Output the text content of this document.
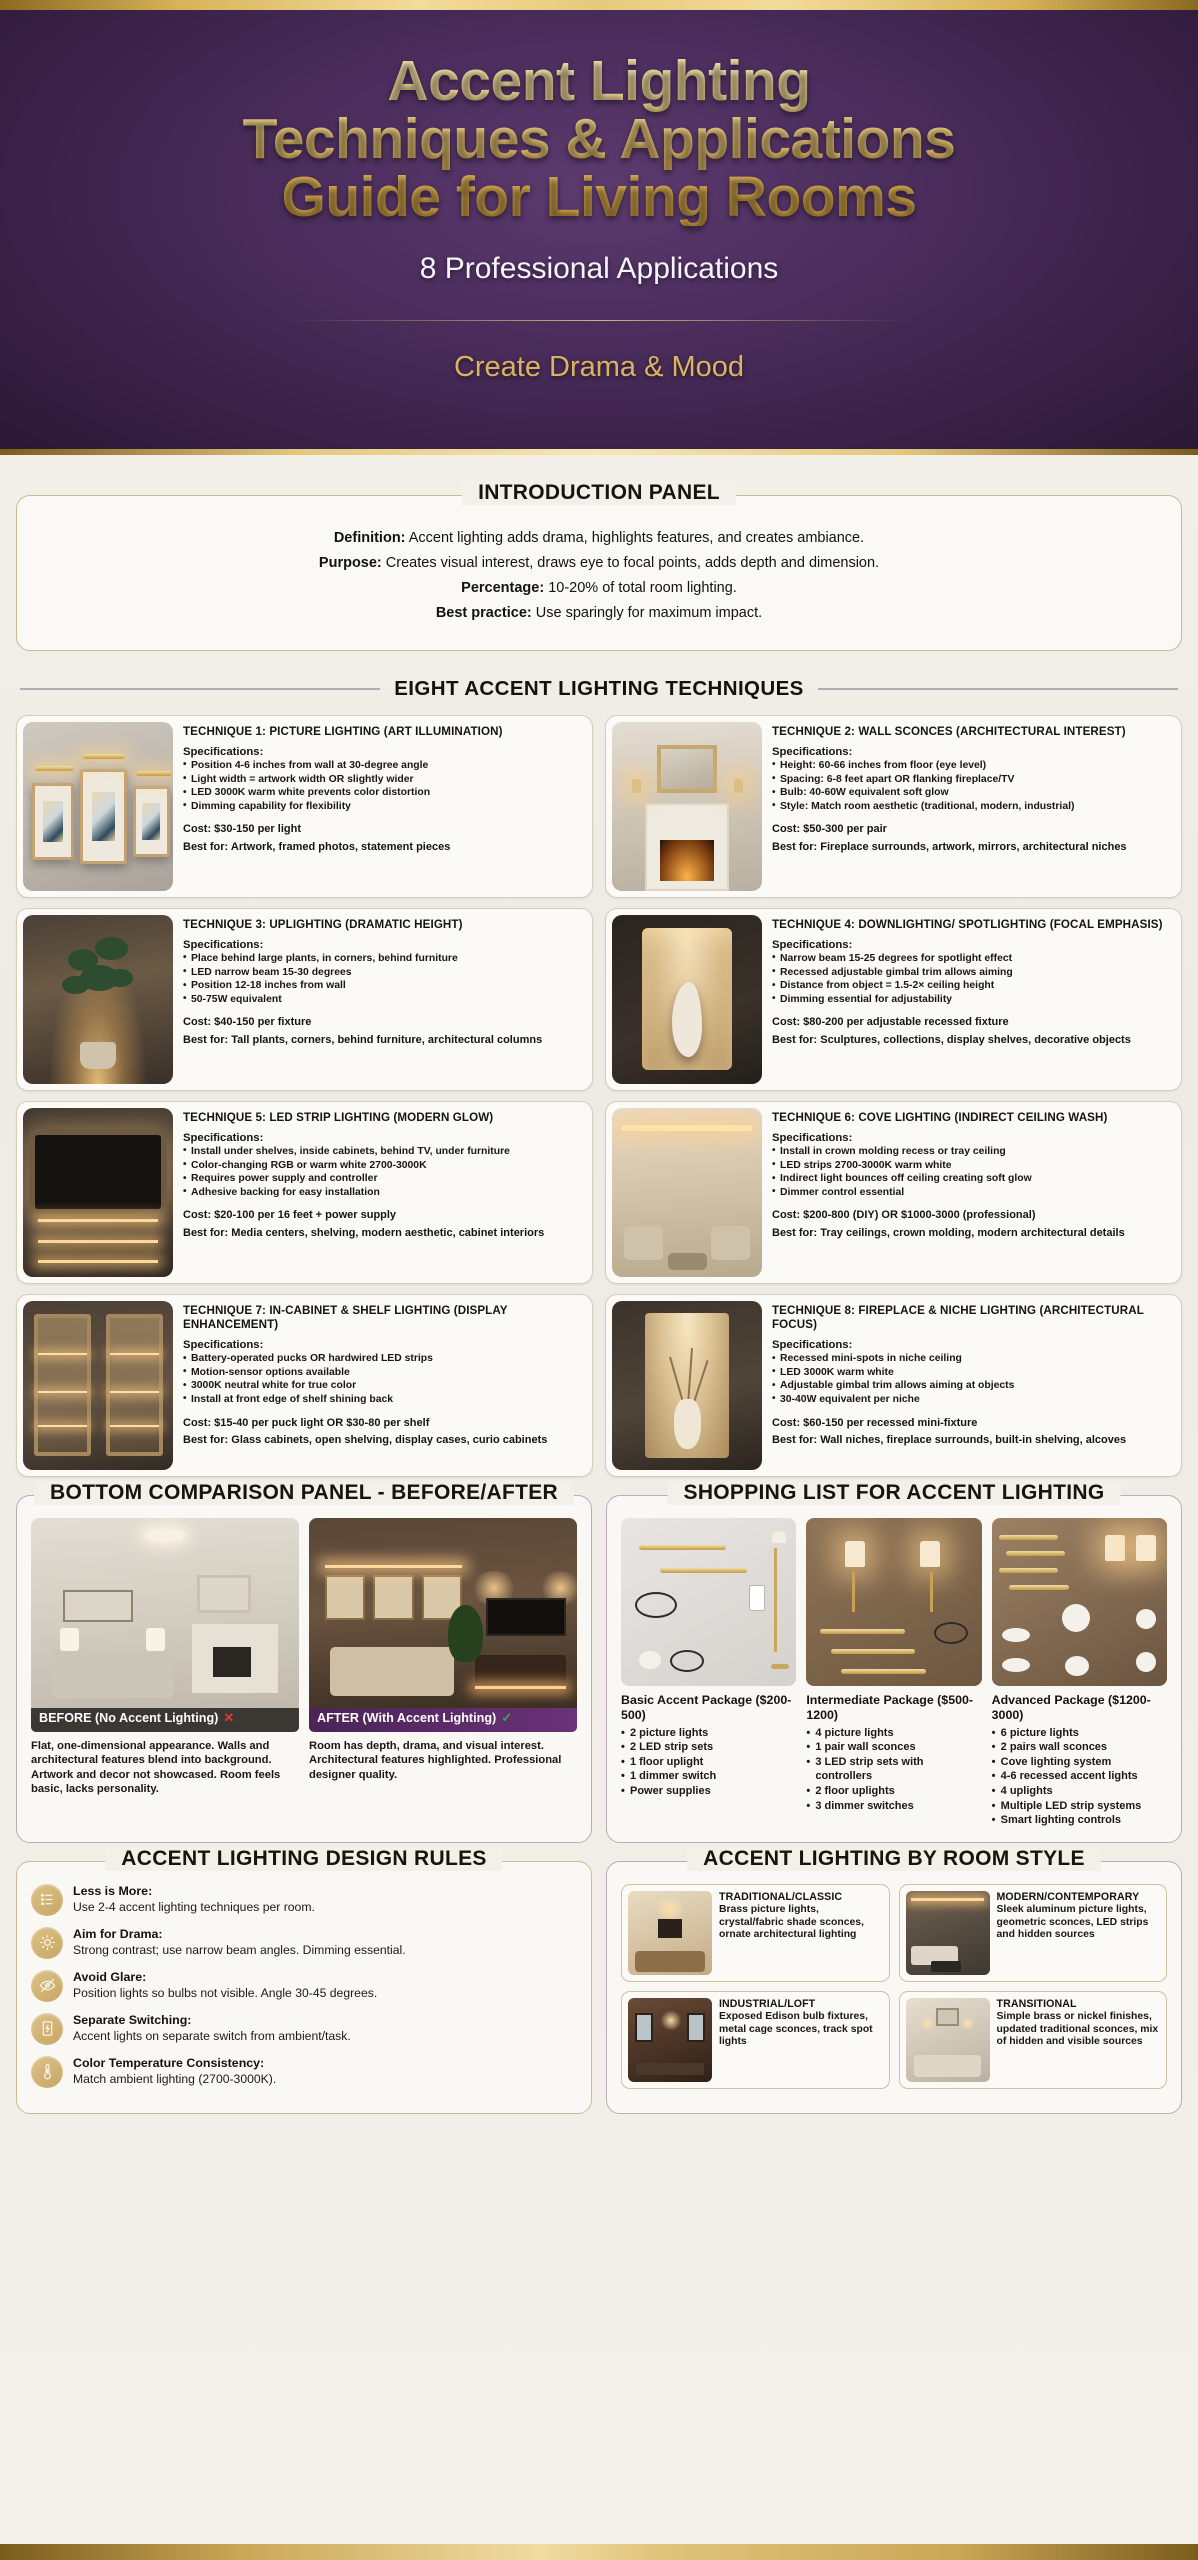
Accent Lighting
Techniques & Applications
Guide for Living Rooms
8 Professional Applications
Create Drama & Mood
INTRODUCTION PANEL
Definition: Accent lighting adds drama, highlights features, and creates ambiance.
Purpose: Creates visual interest, draws eye to focal points, adds depth and dimension.
Percentage: 10-20% of total room lighting.
Best practice: Use sparingly for maximum impact.
EIGHT ACCENT LIGHTING TECHNIQUES
TECHNIQUE 1: PICTURE LIGHTING (ART ILLUMINATION)
Specifications:
• Position 4-6 inches from wall at 30-degree angle
• Light width = artwork width OR slightly wider
• LED 3000K warm white prevents color distortion
• Dimming capability for flexibility
Cost: $30-150 per light
Best for: Artwork, framed photos, statement pieces
TECHNIQUE 2: WALL SCONCES (ARCHITECTURAL INTEREST)
Specifications:
• Height: 60-66 inches from floor (eye level)
• Spacing: 6-8 feet apart OR flanking fireplace/TV
• Bulb: 40-60W equivalent soft glow
• Style: Match room aesthetic (traditional, modern, industrial)
Cost: $50-300 per pair
Best for: Fireplace surrounds, artwork, mirrors, architectural niches
TECHNIQUE 3: UPLIGHTING (DRAMATIC HEIGHT)
Specifications:
• Place behind large plants, in corners, behind furniture
• LED narrow beam 15-30 degrees
• Position 12-18 inches from wall
• 50-75W equivalent
Cost: $40-150 per fixture
Best for: Tall plants, corners, behind furniture, architectural columns
TECHNIQUE 4: DOWNLIGHTING/ SPOTLIGHTING (FOCAL EMPHASIS)
Specifications:
• Narrow beam 15-25 degrees for spotlight effect
• Recessed adjustable gimbal trim allows aiming
• Distance from object = 1.5-2× ceiling height
• Dimming essential for adjustability
Cost: $80-200 per adjustable recessed fixture
Best for: Sculptures, collections, display shelves, decorative objects
TECHNIQUE 5: LED STRIP LIGHTING (MODERN GLOW)
Specifications:
• Install under shelves, inside cabinets, behind TV, under furniture
• Color-changing RGB or warm white 2700-3000K
• Requires power supply and controller
• Adhesive backing for easy installation
Cost: $20-100 per 16 feet + power supply
Best for: Media centers, shelving, modern aesthetic, cabinet interiors
TECHNIQUE 6: COVE LIGHTING (INDIRECT CEILING WASH)
Specifications:
• Install in crown molding recess or tray ceiling
• LED strips 2700-3000K warm white
• Indirect light bounces off ceiling creating soft glow
• Dimmer control essential
Cost: $200-800 (DIY) OR $1000-3000 (professional)
Best for: Tray ceilings, crown molding, modern architectural details
TECHNIQUE 7: IN-CABINET & SHELF LIGHTING (DISPLAY ENHANCEMENT)
Specifications:
• Battery-operated pucks OR hardwired LED strips
• Motion-sensor options available
• 3000K neutral white for true color
• Install at front edge of shelf shining back
Cost: $15-40 per puck light OR $30-80 per shelf
Best for: Glass cabinets, open shelving, display cases, curio cabinets
TECHNIQUE 8: FIREPLACE & NICHE LIGHTING (ARCHITECTURAL FOCUS)
Specifications:
• Recessed mini-spots in niche ceiling
• LED 3000K warm white
• Adjustable gimbal trim allows aiming at objects
• 30-40W equivalent per niche
Cost: $60-150 per recessed mini-fixture
Best for: Wall niches, fireplace surrounds, built-in shelving, alcoves
BOTTOM COMPARISON PANEL - BEFORE/AFTER
BEFORE (No Accent Lighting) ✕
Flat, one-dimensional appearance. Walls and architectural features blend into background. Artwork and decor not showcased. Room feels basic, lacks personality.
AFTER (With Accent Lighting) ✓
Room has depth, drama, and visual interest. Architectural features highlighted. Professional designer quality.
SHOPPING LIST FOR ACCENT LIGHTING
Basic Accent Package ($200-500)
• 2 picture lights
• 2 LED strip sets
• 1 floor uplight
• 1 dimmer switch
• Power supplies
Intermediate Package ($500-1200)
• 4 picture lights
• 1 pair wall sconces
• 3 LED strip sets with controllers
• 2 floor uplights
• 3 dimmer switches
Advanced Package ($1200-3000)
• 6 picture lights
• 2 pairs wall sconces
• Cove lighting system
• 4-6 recessed accent lights
• 4 uplights
• Multiple LED strip systems
• Smart lighting controls
ACCENT LIGHTING DESIGN RULES
Less is More:
Use 2-4 accent lighting techniques per room.
Aim for Drama:
Strong contrast; use narrow beam angles. Dimming essential.
Avoid Glare:
Position lights so bulbs not visible. Angle 30-45 degrees.
Separate Switching:
Accent lights on separate switch from ambient/task.
Color Temperature Consistency:
Match ambient lighting (2700-3000K).
ACCENT LIGHTING BY ROOM STYLE
TRADITIONAL/CLASSIC
Brass picture lights, crystal/fabric shade sconces, ornate architectural lighting
MODERN/CONTEMPORARY
Sleek aluminum picture lights, geometric sconces, LED strips and hidden sources
INDUSTRIAL/LOFT
Exposed Edison bulb fixtures, metal cage sconces, track spot lights
TRANSITIONAL
Simple brass or nickel finishes, updated traditional sconces, mix of hidden and visible sources
